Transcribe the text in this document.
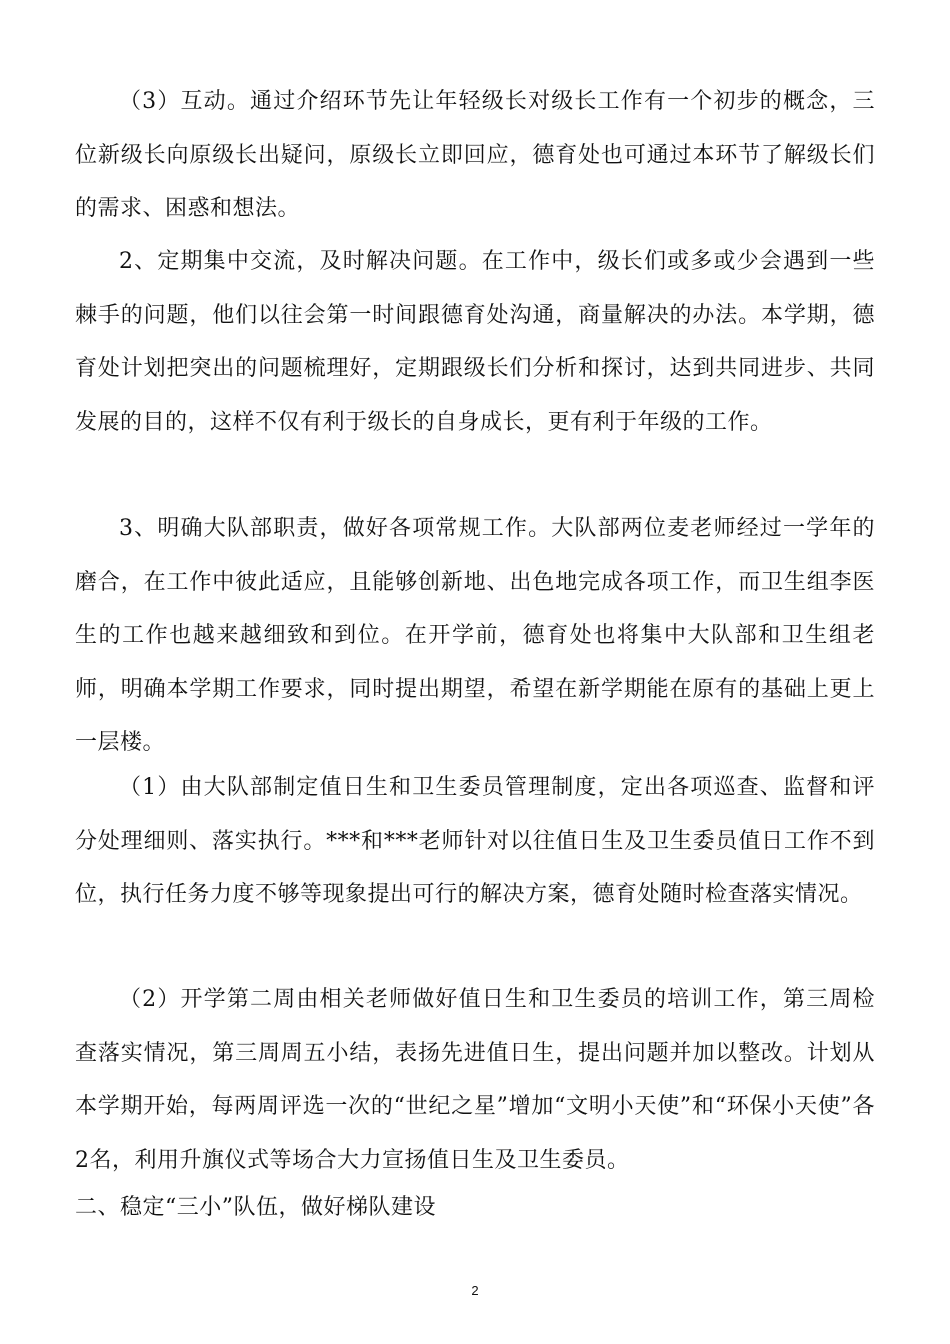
（3）互动。通过介绍环节先让年轻级长对级长工作有一个初步的概念，三位新级长向原级长出疑问，原级长立即回应，德育处也可通过本环节了解级长们的需求、困惑和想法。

2、定期集中交流，及时解决问题。在工作中，级长们或多或少会遇到一些棘手的问题，他们以往会第一时间跟德育处沟通，商量解决的办法。本学期，德育处计划把突出的问题梳理好，定期跟级长们分析和探讨，达到共同进步、共同发展的目的，这样不仅有利于级长的自身成长，更有利于年级的工作。

3、明确大队部职责，做好各项常规工作。大队部两位麦老师经过一学年的磨合，在工作中彼此适应，且能够创新地、出色地完成各项工作，而卫生组李医生的工作也越来越细致和到位。在开学前，德育处也将集中大队部和卫生组老师，明确本学期工作要求，同时提出期望，希望在新学期能在原有的基础上更上一层楼。

（1）由大队部制定值日生和卫生委员管理制度，定出各项巡查、监督和评分处理细则、落实执行。***和***老师针对以往值日生及卫生委员值日工作不到位，执行任务力度不够等现象提出可行的解决方案，德育处随时检查落实情况。

（2）开学第二周由相关老师做好值日生和卫生委员的培训工作，第三周检查落实情况，第三周周五小结，表扬先进值日生，提出问题并加以整改。计划从本学期开始，每两周评选一次的“世纪之星”增加“文明小天使”和“环保小天使”各2名，利用升旗仪式等场合大力宣扬值日生及卫生委员。

二、稳定“三小”队伍，做好梯队建设

2
